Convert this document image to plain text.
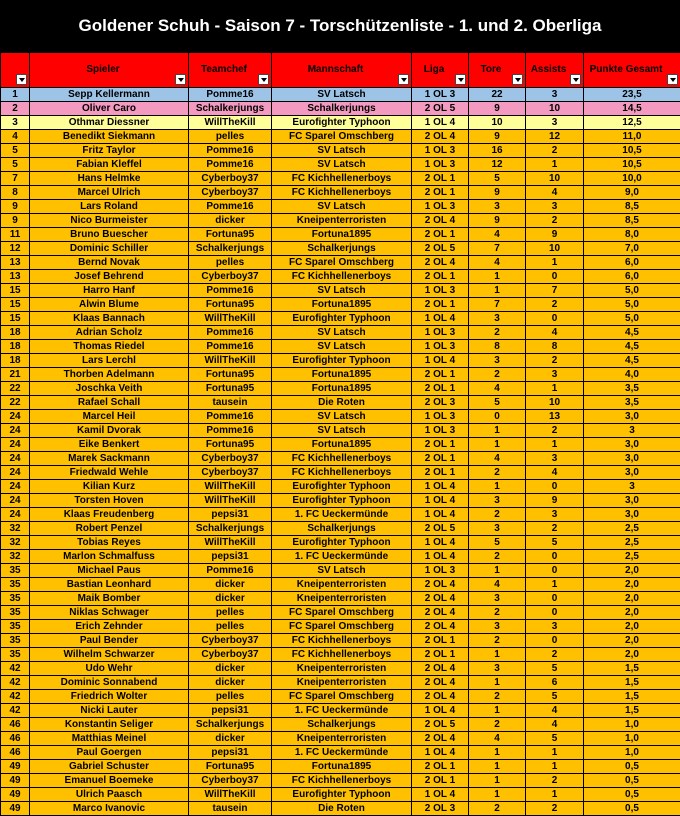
Goldener Schuh - Saison 7 - Torschützenliste - 1. und 2. Oberliga

	Spieler	Teamchef	Mannschaft	Liga	Tore	Assists	Punkte Gesamt

1	Sepp Kellermann	Pomme16	SV Latsch	1 OL 3	22	3	23,5
2	Oliver Caro	Schalkerjungs	Schalkerjungs	2 OL 5	9	10	14,5
3	Othmar Diessner	WillTheKill	Eurofighter Typhoon	1 OL 4	10	3	12,5
4	Benedikt Siekmann	pelles	FC Sparel Omschberg	2 OL 4	9	12	11,0
5	Fritz Taylor	Pomme16	SV Latsch	1 OL 3	16	2	10,5
5	Fabian Kleffel	Pomme16	SV Latsch	1 OL 3	12	1	10,5
7	Hans Helmke	Cyberboy37	FC Kichhellenerboys	2 OL 1	5	10	10,0
8	Marcel Ulrich	Cyberboy37	FC Kichhellenerboys	2 OL 1	9	4	9,0
9	Lars Roland	Pomme16	SV Latsch	1 OL 3	3	3	8,5
9	Nico Burmeister	dicker	Kneipenterroristen	2 OL 4	9	2	8,5
11	Bruno Buescher	Fortuna95	Fortuna1895	2 OL 1	4	9	8,0
12	Dominic Schiller	Schalkerjungs	Schalkerjungs	2 OL 5	7	10	7,0
13	Bernd Novak	pelles	FC Sparel Omschberg	2 OL 4	4	1	6,0
13	Josef Behrend	Cyberboy37	FC Kichhellenerboys	2 OL 1	1	0	6,0
15	Harro Hanf	Pomme16	SV Latsch	1 OL 3	1	7	5,0
15	Alwin Blume	Fortuna95	Fortuna1895	2 OL 1	7	2	5,0
15	Klaas Bannach	WillTheKill	Eurofighter Typhoon	1 OL 4	3	0	5,0
18	Adrian Scholz	Pomme16	SV Latsch	1 OL 3	2	4	4,5
18	Thomas Riedel	Pomme16	SV Latsch	1 OL 3	8	8	4,5
18	Lars Lerchl	WillTheKill	Eurofighter Typhoon	1 OL 4	3	2	4,5
21	Thorben Adelmann	Fortuna95	Fortuna1895	2 OL 1	2	3	4,0
22	Joschka Veith	Fortuna95	Fortuna1895	2 OL 1	4	1	3,5
22	Rafael Schall	tausein	Die Roten	2 OL 3	5	10	3,5
24	Marcel Heil	Pomme16	SV Latsch	1 OL 3	0	13	3,0
24	Kamil Dvorak	Pomme16	SV Latsch	1 OL 3	1	2	3
24	Eike Benkert	Fortuna95	Fortuna1895	2 OL 1	1	1	3,0
24	Marek Sackmann	Cyberboy37	FC Kichhellenerboys	2 OL 1	4	3	3,0
24	Friedwald Wehle	Cyberboy37	FC Kichhellenerboys	2 OL 1	2	4	3,0
24	Kilian Kurz	WillTheKill	Eurofighter Typhoon	1 OL 4	1	0	3
24	Torsten Hoven	WillTheKill	Eurofighter Typhoon	1 OL 4	3	9	3,0
24	Klaas Freudenberg	pepsi31	1. FC Ueckermünde	1 OL 4	2	3	3,0
32	Robert Penzel	Schalkerjungs	Schalkerjungs	2 OL 5	3	2	2,5
32	Tobias Reyes	WillTheKill	Eurofighter Typhoon	1 OL 4	5	5	2,5
32	Marlon Schmalfuss	pepsi31	1. FC Ueckermünde	1 OL 4	2	0	2,5
35	Michael Paus	Pomme16	SV Latsch	1 OL 3	1	0	2,0
35	Bastian Leonhard	dicker	Kneipenterroristen	2 OL 4	4	1	2,0
35	Maik Bomber	dicker	Kneipenterroristen	2 OL 4	3	0	2,0
35	Niklas Schwager	pelles	FC Sparel Omschberg	2 OL 4	2	0	2,0
35	Erich Zehnder	pelles	FC Sparel Omschberg	2 OL 4	3	3	2,0
35	Paul Bender	Cyberboy37	FC Kichhellenerboys	2 OL 1	2	0	2,0
35	Wilhelm Schwarzer	Cyberboy37	FC Kichhellenerboys	2 OL 1	1	2	2,0
42	Udo Wehr	dicker	Kneipenterroristen	2 OL 4	3	5	1,5
42	Dominic Sonnabend	dicker	Kneipenterroristen	2 OL 4	1	6	1,5
42	Friedrich Wolter	pelles	FC Sparel Omschberg	2 OL 4	2	5	1,5
42	Nicki Lauter	pepsi31	1. FC Ueckermünde	1 OL 4	1	4	1,5
46	Konstantin Seliger	Schalkerjungs	Schalkerjungs	2 OL 5	2	4	1,0
46	Matthias Meinel	dicker	Kneipenterroristen	2 OL 4	4	5	1,0
46	Paul Goergen	pepsi31	1. FC Ueckermünde	1 OL 4	1	1	1,0
49	Gabriel Schuster	Fortuna95	Fortuna1895	2 OL 1	1	1	0,5
49	Emanuel Boemeke	Cyberboy37	FC Kichhellenerboys	2 OL 1	1	2	0,5
49	Ulrich Paasch	WillTheKill	Eurofighter Typhoon	1 OL 4	1	1	0,5
49	Marco Ivanovic	tausein	Die Roten	2 OL 3	2	2	0,5
